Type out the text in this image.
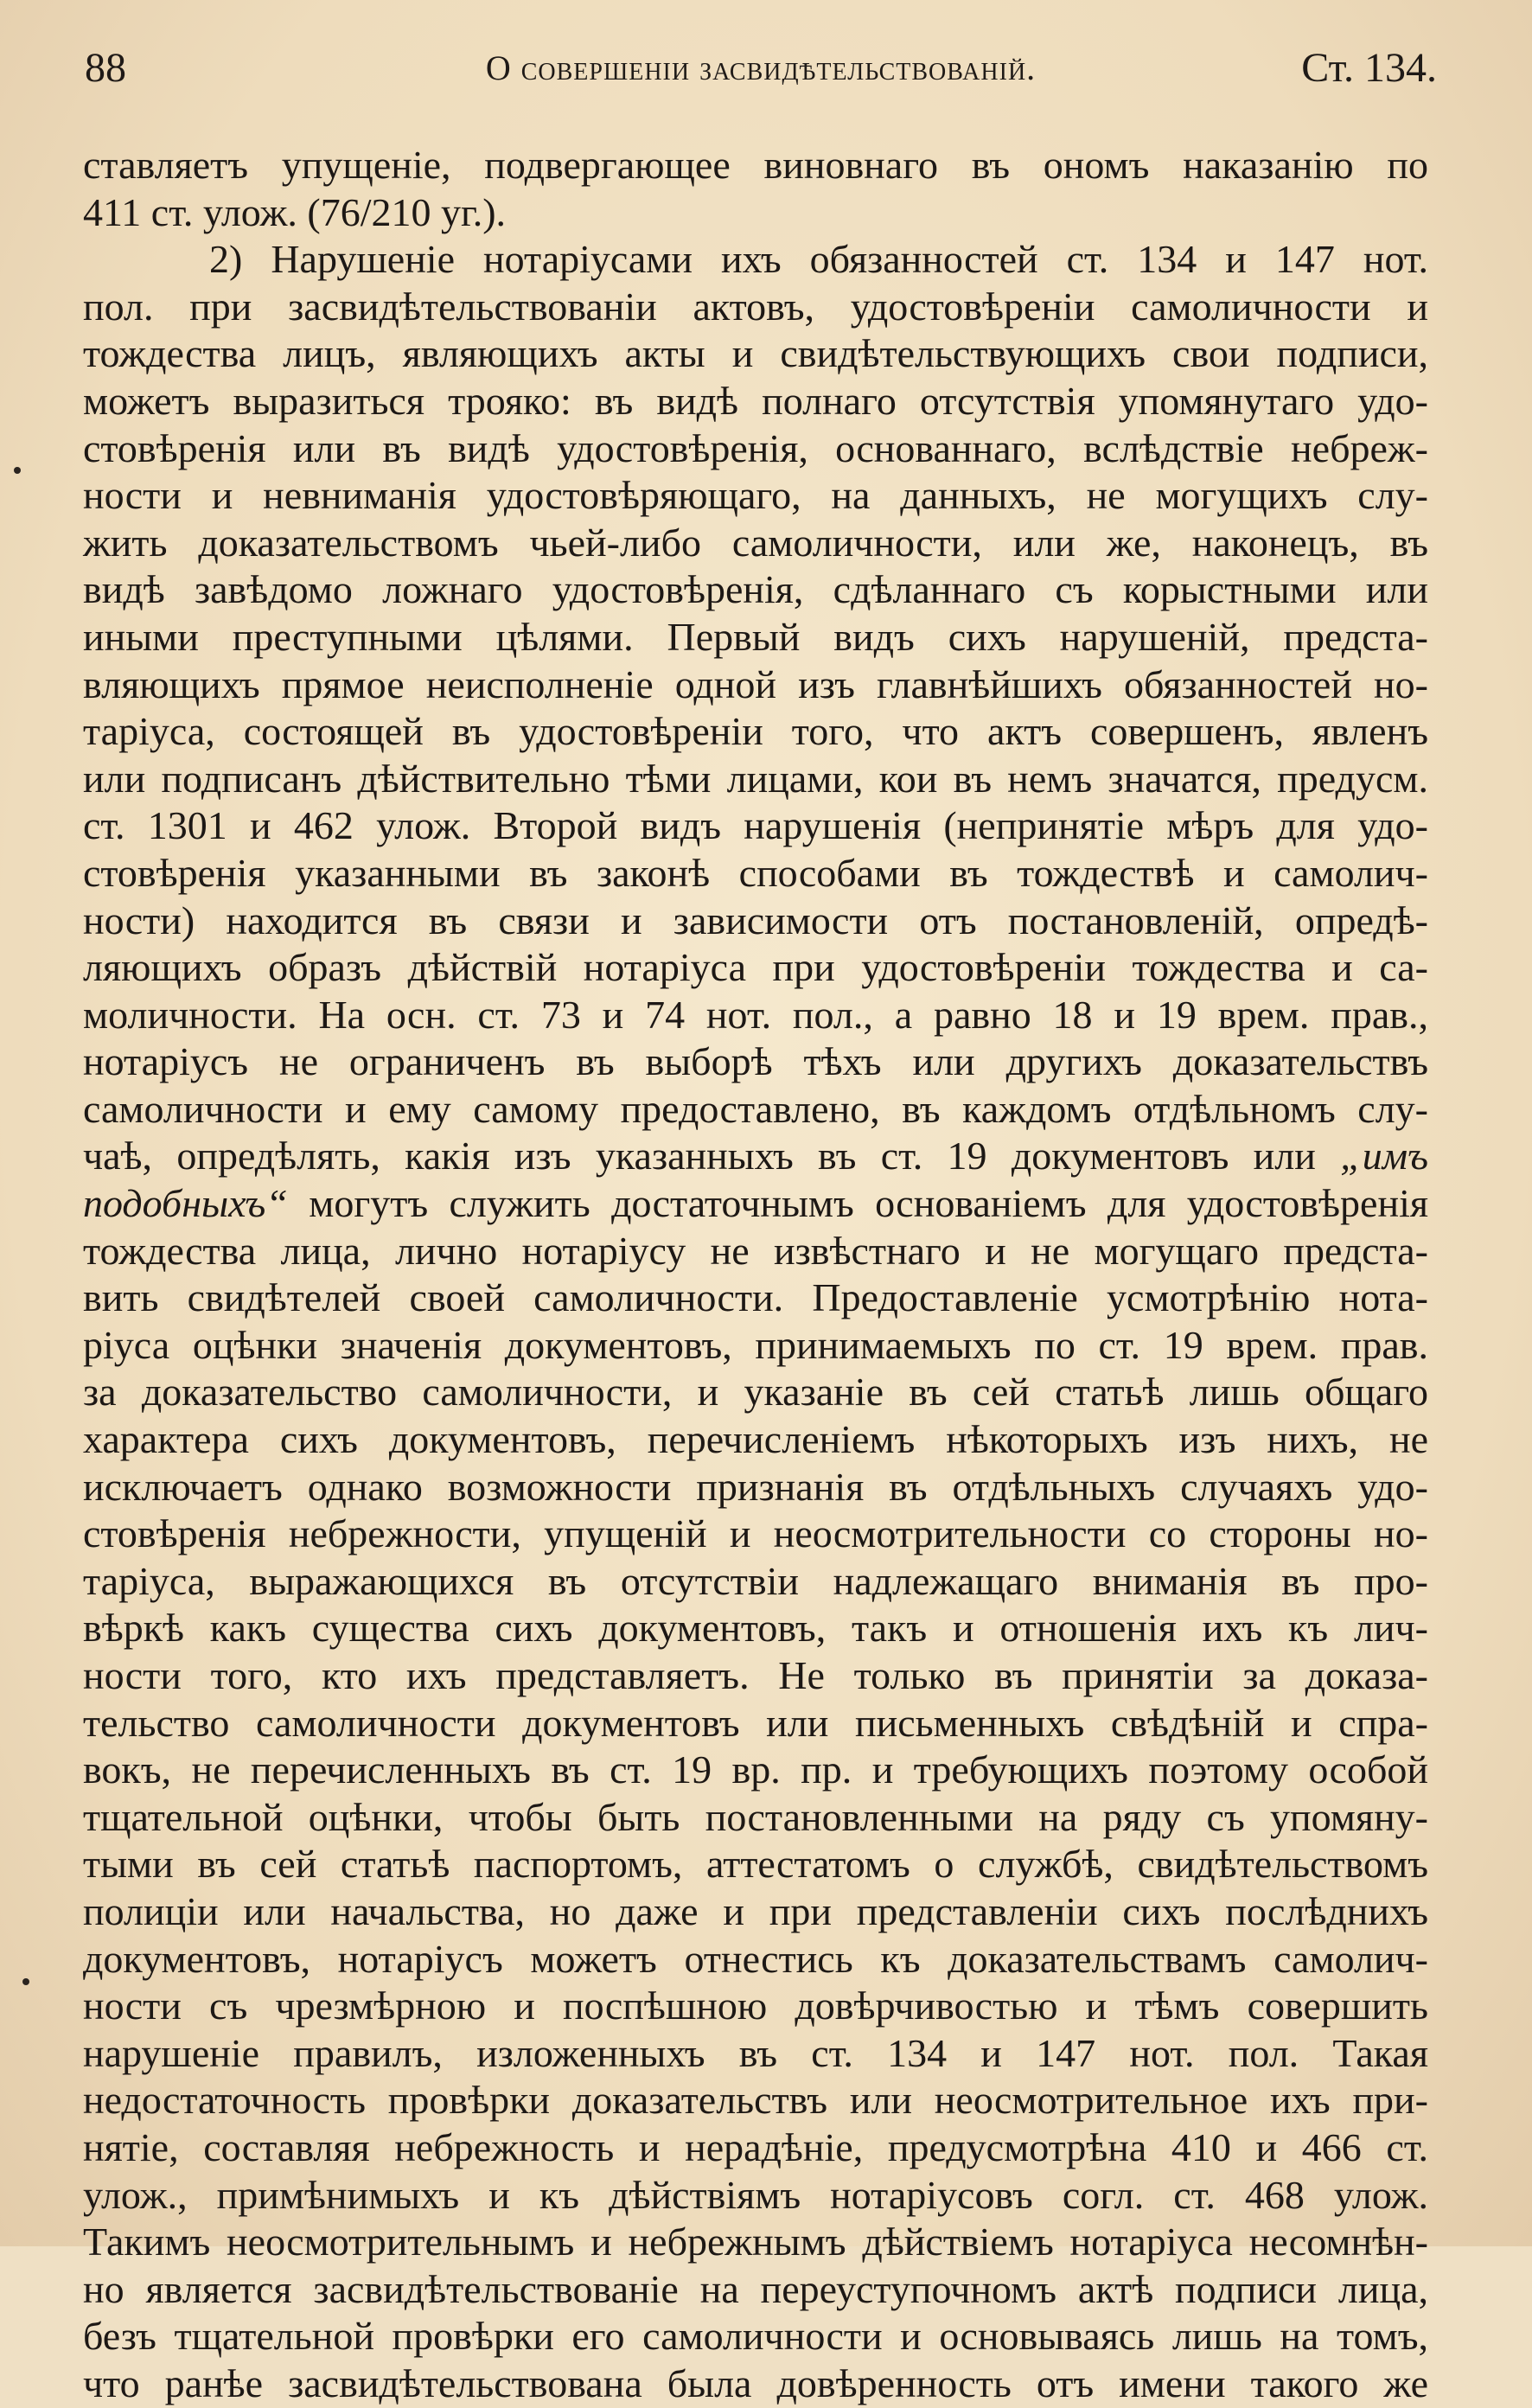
88	О совершенiи засвидѣтельствованiй.	Ст. 134.
ставляетъ упущенiе, подвергающее виновнаго въ ономъ наказанiю по
411 ст. улож. (76/210 уг.).
2) Нарушенiе нотарiусами ихъ обязанностей ст. 134 и 147 нот.
пол. при засвидѣтельствованiи актовъ, удостовѣренiи самоличности и
тождества лицъ, являющихъ акты и свидѣтельствующихъ свои подписи,
можетъ выразиться трояко: въ видѣ полнаго отсутствiя упомянутаго удо-
стовѣренiя или въ видѣ удостовѣренiя, основаннаго, вслѣдствiе небреж-
ности и невниманiя удостовѣряющаго, на данныхъ, не могущихъ слу-
жить доказательствомъ чьей-либо самоличности, или же, наконецъ, въ
видѣ завѣдомо ложнаго удостовѣренiя, сдѣланнаго съ корыстными или
иными преступными цѣлями. Первый видъ сихъ нарушенiй, предста-
вляющихъ прямое неисполненiе одной изъ главнѣйшихъ обязанностей но-
тарiуса, состоящей въ удостовѣренiи того, что актъ совершенъ, явленъ
или подписанъ дѣйствительно тѣми лицами, кои въ немъ значатся, предусм.
ст. 1301 и 462 улож. Второй видъ нарушенiя (непринятiе мѣръ для удо-
стовѣренiя указанными въ законѣ способами въ тождествѣ и самолич-
ности) находится въ связи и зависимости отъ постановленiй, опредѣ-
ляющихъ образъ дѣйствiй нотарiуса при удостовѣренiи тождества и са-
моличности. На осн. ст. 73 и 74 нот. пол., а равно 18 и 19 врем. прав.,
нотарiусъ не ограниченъ въ выборѣ тѣхъ или другихъ доказательствъ
самоличности и ему самому предоставлено, въ каждомъ отдѣльномъ слу-
чаѣ, опредѣлять, какiя изъ указанныхъ въ ст. 19 документовъ или „имъ
подобныхъ“ могутъ служить достаточнымъ основанiемъ для удостовѣренiя
тождества лица, лично нотарiусу не извѣстнаго и не могущаго предста-
вить свидѣтелей своей самоличности. Предоставленiе усмотрѣнiю нота-
рiуса оцѣнки значенiя документовъ, принимаемыхъ по ст. 19 врем. прав.
за доказательство самоличности, и указанiе въ сей статьѣ лишь общаго
характера сихъ документовъ, перечисленiемъ нѣкоторыхъ изъ нихъ, не
исключаетъ однако возможности признанiя въ отдѣльныхъ случаяхъ удо-
стовѣренiя небрежности, упущенiй и неосмотрительности со стороны но-
тарiуса, выражающихся въ отсутствiи надлежащаго вниманiя въ про-
вѣркѣ какъ существа сихъ документовъ, такъ и отношенiя ихъ къ лич-
ности того, кто ихъ представляетъ. Не только въ принятiи за доказа-
тельство самоличности документовъ или письменныхъ свѣдѣнiй и спра-
вокъ, не перечисленныхъ въ ст. 19 вр. пр. и требующихъ поэтому особой
тщательной оцѣнки, чтобы быть постановленными на ряду съ упомяну-
тыми въ сей статьѣ паспортомъ, аттестатомъ о службѣ, свидѣтельствомъ
полицiи или начальства, но даже и при представленiи сихъ послѣднихъ
документовъ, нотарiусъ можетъ отнестись къ доказательствамъ самолич-
ности съ чрезмѣрною и поспѣшною довѣрчивостью и тѣмъ совершить
нарушенiе правилъ, изложенныхъ въ ст. 134 и 147 нот. пол. Такая
недостаточность провѣрки доказательствъ или неосмотрительное ихъ при-
нятiе, составляя небрежность и нерадѣнiе, предусмотрѣна 410 и 466 ст.
улож., примѣнимыхъ и къ дѣйствiямъ нотарiусовъ согл. ст. 468 улож.
Такимъ неосмотрительнымъ и небрежнымъ дѣйствiемъ нотарiуса несомнѣн-
но является засвидѣтельствованiе на переуступочномъ актѣ подписи лица,
безъ тщательной провѣрки его самоличности и основываясь лишь на томъ,
что ранѣе засвидѣтельствована была довѣренность отъ имени такого же
